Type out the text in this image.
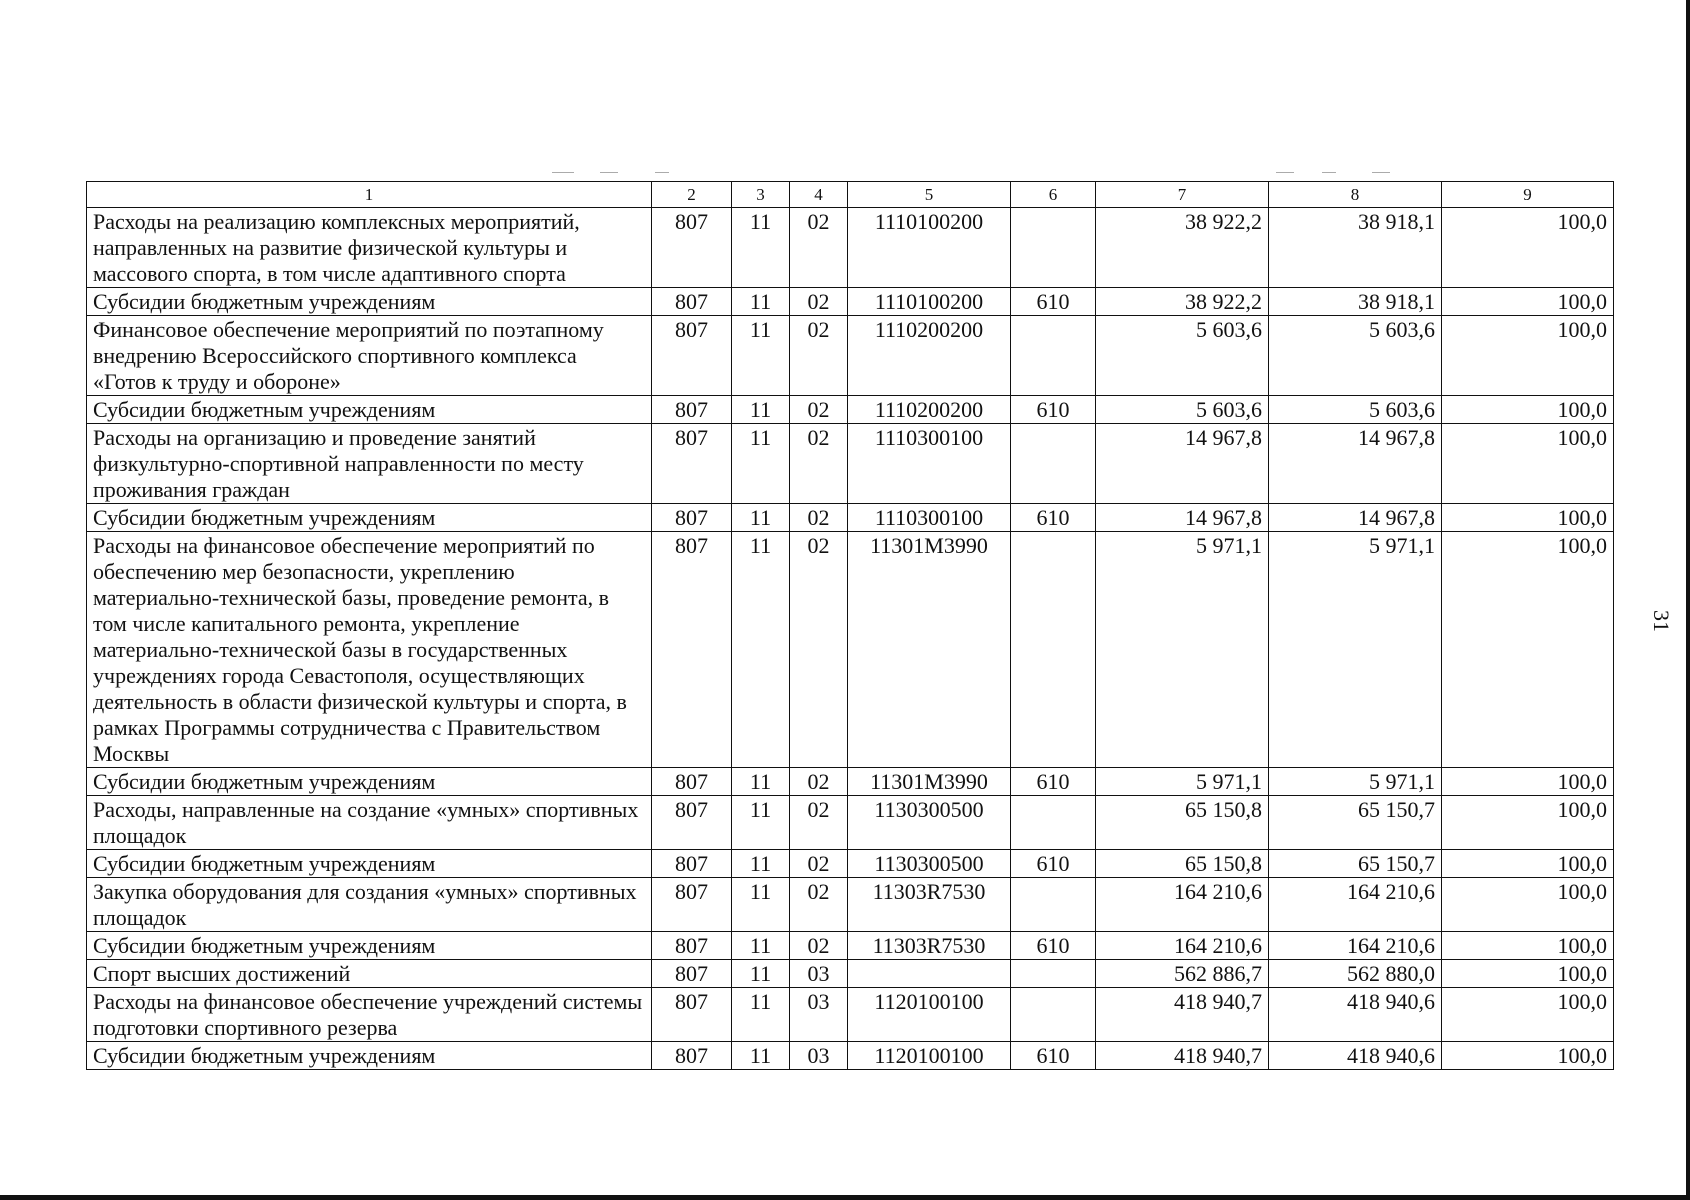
31
1	2	3	4	5	6	7	8	9
Расходы на реализацию комплексных мероприятий, направленных на развитие физической культуры и массового спорта, в том числе адаптивного спорта	807	11	02	1110100200		38 922,2	38 918,1	100,0
Субсидии бюджетным учреждениям	807	11	02	1110100200	610	38 922,2	38 918,1	100,0
Финансовое обеспечение мероприятий по поэтапному внедрению Всероссийского спортивного комплекса «Готов к труду и обороне»	807	11	02	1110200200		5 603,6	5 603,6	100,0
Субсидии бюджетным учреждениям	807	11	02	1110200200	610	5 603,6	5 603,6	100,0
Расходы на организацию и проведение занятий физкультурно-спортивной направленности по месту проживания граждан	807	11	02	1110300100		14 967,8	14 967,8	100,0
Субсидии бюджетным учреждениям	807	11	02	1110300100	610	14 967,8	14 967,8	100,0
Расходы на финансовое обеспечение мероприятий по обеспечению мер безопасности, укреплению материально-технической базы, проведение ремонта, в том числе капитального ремонта, укрепление материально-технической базы в государственных учреждениях города Севастополя, осуществляющих деятельность в области физической культуры и спорта, в рамках Программы сотрудничества с Правительством Москвы	807	11	02	11301М3990		5 971,1	5 971,1	100,0
Субсидии бюджетным учреждениям	807	11	02	11301М3990	610	5 971,1	5 971,1	100,0
Расходы, направленные на создание «умных» спортивных площадок	807	11	02	1130300500		65 150,8	65 150,7	100,0
Субсидии бюджетным учреждениям	807	11	02	1130300500	610	65 150,8	65 150,7	100,0
Закупка оборудования для создания «умных» спортивных площадок	807	11	02	11303R7530		164 210,6	164 210,6	100,0
Субсидии бюджетным учреждениям	807	11	02	11303R7530	610	164 210,6	164 210,6	100,0
Спорт высших достижений	807	11	03			562 886,7	562 880,0	100,0
Расходы на финансовое обеспечение учреждений системы подготовки спортивного резерва	807	11	03	1120100100		418 940,7	418 940,6	100,0
Субсидии бюджетным учреждениям	807	11	03	1120100100	610	418 940,7	418 940,6	100,0
